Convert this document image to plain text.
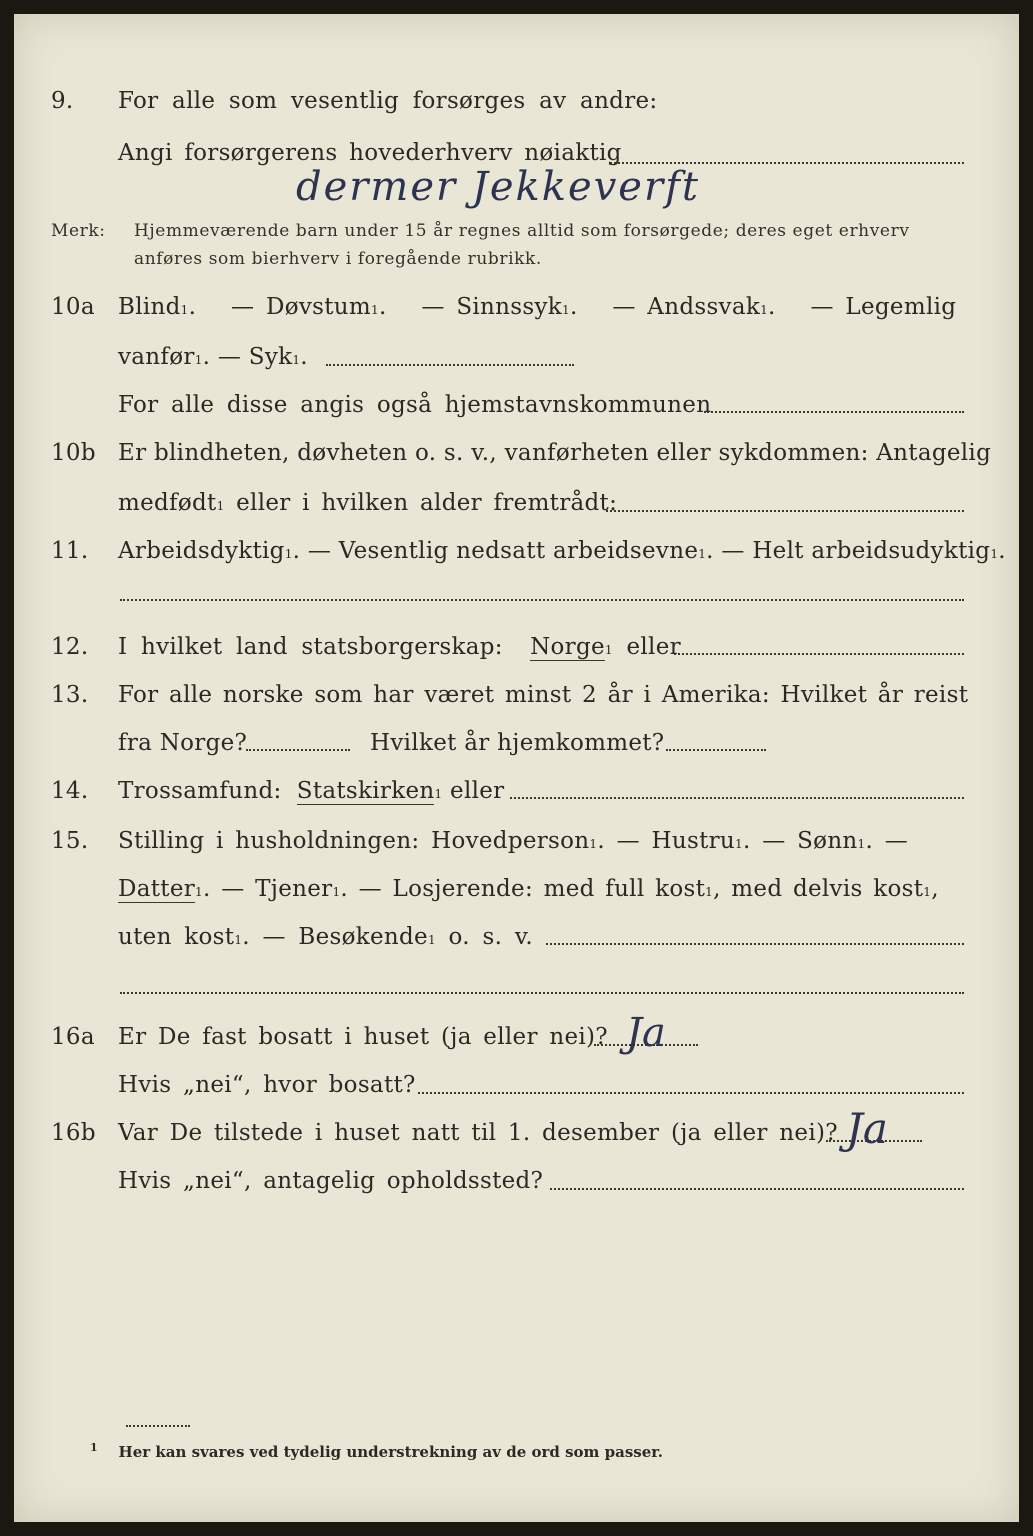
9.	For alle som vesentlig forsørges av andre:
Angi forsørgerens hovederhverv nøiaktig
dermer Jekkeverft
Merk: Hjemmeværende barn under 15 år regnes alltid som forsørgede; deres eget erhverv
anføres som bierhverv i foregående rubrikk.
10a	Blind 1 . — Døvstum 1 . — Sinnssyk 1 . — Andssvak 1 . — Legemlig
vanfør 1 . — Syk 1 .
For alle disse angis også hjemstavnskommunen
10b Er blindheten, døvheten o. s. v., vanførheten eller sykdommen: Antagelig
medfødt 1
eller i hvilken alder fremtrådt:
11.	Arbeidsdyktig 1 . — Vesentlig nedsatt arbeidsevne 1 . — Helt arbeidsudyktig 1 .
12.	I hvilket land statsborgerskap:
Norge 1
eller
13.	For alle norske som har været minst 2 år i Amerika: Hvilket år reist
fra Norge?	Hvilket år hjemkommet?
14.	Trossamfund:
Statskirken 1
eller
15.	Stilling i husholdningen: Hovedperson 1 . — Hustru 1 . — Sønn 1 . —
Datter 1 . — Tjener 1 . — Losjerende: med full kost 1 , med delvis kost 1 ,
uten kost 1 . — Besøkende 1
o. s. v.
16a	Er De fast bosatt i huset (ja eller nei)? Ja
Hvis „nei“, hvor bosatt?
16b Var De tilstede i huset natt til 1. desember (ja eller nei)? Ja
Hvis „nei“, antagelig opholdssted?
$^1$ Her kan svares ved tydelig understrekning av de ord som passer.
